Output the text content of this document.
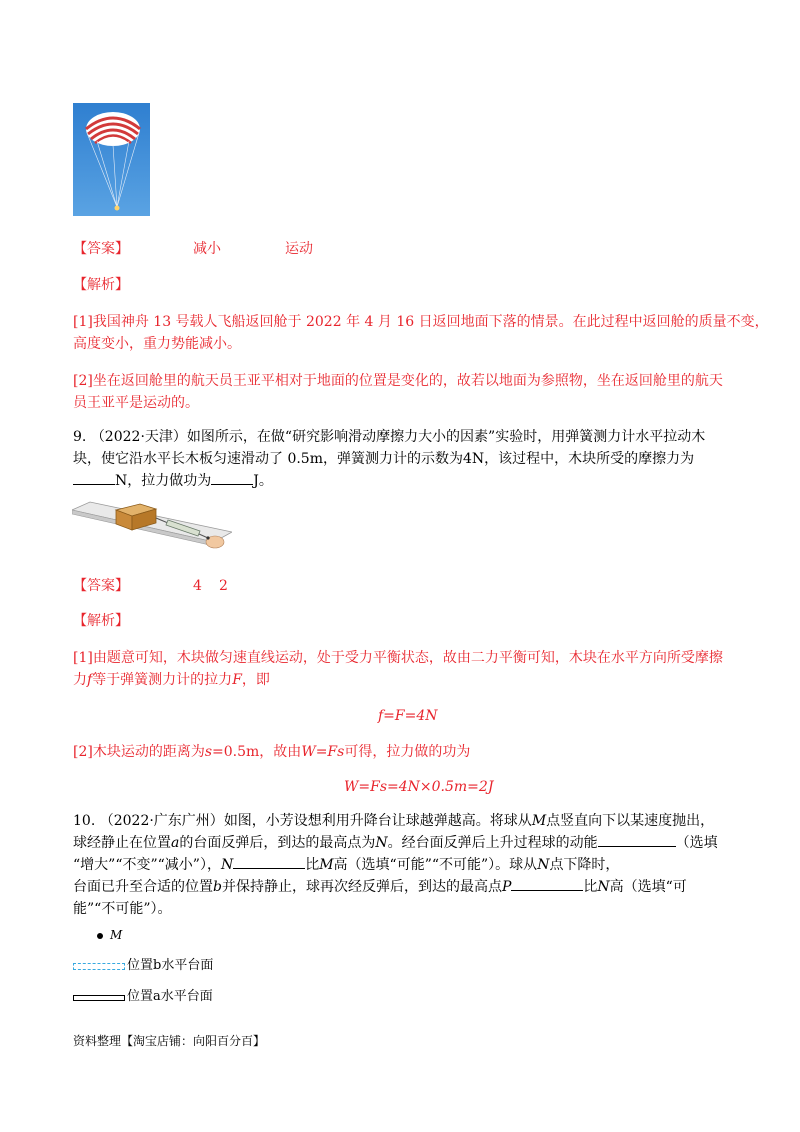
【答案】	减小	运动
【解析】
[1]我国神舟 13 号载人飞船返回舱于 2022 年 4 月 16 日返回地面下落的情景。在此过程中返回舱的质量不变，
高度变小，重力势能减小。
[2]坐在返回舱里的航天员王亚平相对于地面的位置是变化的，故若以地面为参照物，坐在返回舱里的航天
员王亚平是运动的。
9. （2022·天津）如图所示，在做“研究影响滑动摩擦力大小的因素”实验时，用弹簧测力计水平拉动木
块，使它沿水平长木板匀速滑动了 0.5m，弹簧测力计的示数为4N，该过程中，木块所受的摩擦力为
N，拉力做功为	J。
【答案】	4 2
【解析】
[1]由题意可知，木块做匀速直线运动，处于受力平衡状态，故由二力平衡可知，木块在水平方向所受摩擦
力f等于弹簧测力计的拉力F，即
f=F=4N
[2]木块运动的距离为s=0.5m，故由W=Fs可得，拉力做的功为
W=Fs=4N×0.5m=2J
10. （2022·广东广州）如图，小芳设想利用升降台让球越弹越高。将球从M点竖直向下以某速度抛出，
球经静止在位置a的台面反弹后，到达的最高点为N。经台面反弹后上升过程球的动能	（选填
“增大”“不变”“减小”），N	比M高（选填“可能”“不可能”）。球从N点下降时，
台面已升至合适的位置b并保持静止，球再次经反弹后，到达的最高点P	比N高（选填“可
能”“不可能”）。
M
位置b水平台面
位置a水平台面
资料整理【淘宝店铺：向阳百分百】
